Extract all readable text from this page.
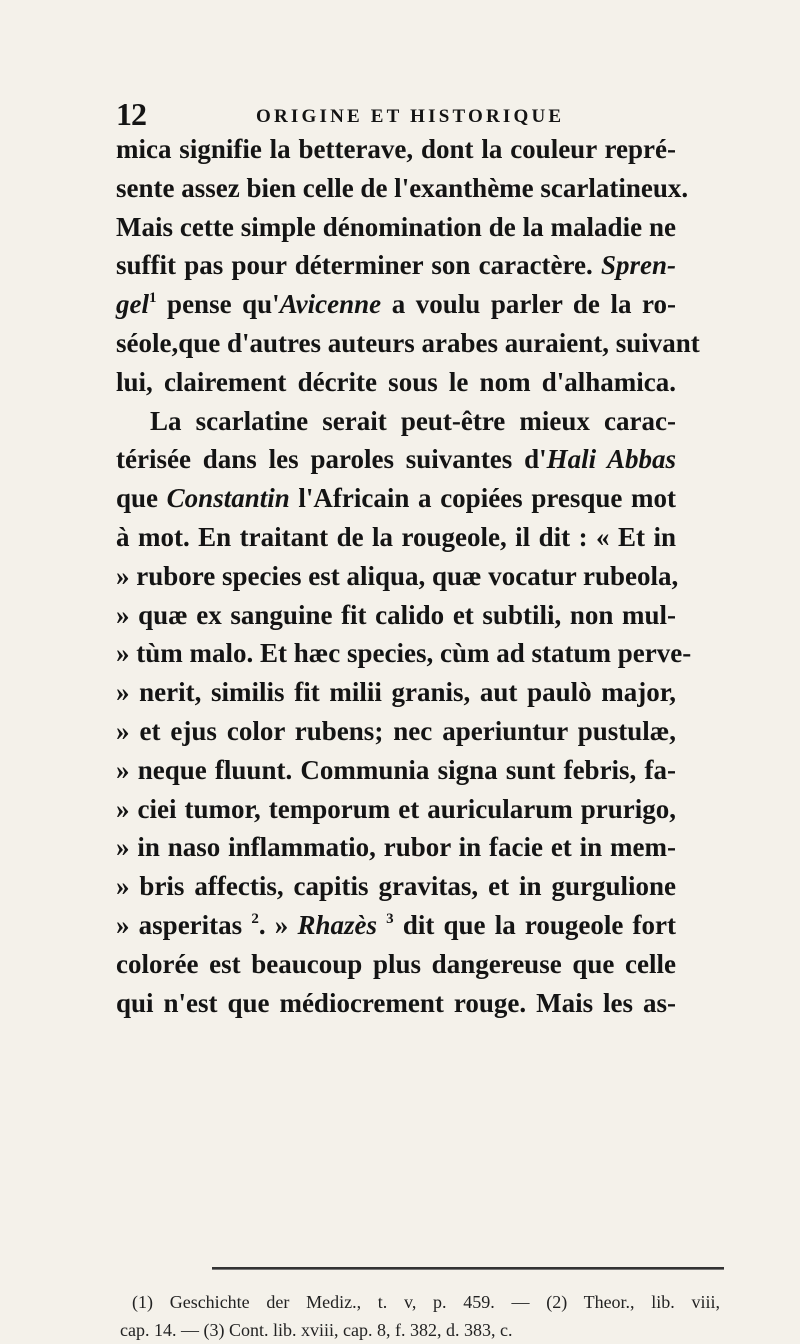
12	ORIGINE ET HISTORIQUE
mica signifie la betterave, dont la couleur repré-
sente assez bien celle de l'exanthème scarlatineux.
Mais cette simple dénomination de la maladie ne
suffit pas pour déterminer son caractère. Spren-
gel$^1$ pense qu'Avicenne a voulu parler de la ro-
séole,que d'autres auteurs arabes auraient, suivant
lui, clairement décrite sous le nom d'alhamica.
La scarlatine serait peut-être mieux carac-
térisée dans les paroles suivantes d'Hali Abbas
que Constantin l'Africain a copiées presque mot
à mot. En traitant de la rougeole, il dit : « Et in
» rubore species est aliqua, quæ vocatur rubeola,
» quæ ex sanguine fit calido et subtili, non mul-
» tùm malo. Et hæc species, cùm ad statum perve-
» nerit, similis fit milii granis, aut paulò major,
» et ejus color rubens; nec aperiuntur pustulæ,
» neque fluunt. Communia signa sunt febris, fa-
» ciei tumor, temporum et auricularum prurigo,
» in naso inflammatio, rubor in facie et in mem-
» bris affectis, capitis gravitas, et in gurgulione
» asperitas $^2$. » Rhazès $^3$ dit que la rougeole fort
colorée est beaucoup plus dangereuse que celle
qui n'est que médiocrement rouge. Mais les as-
(1) Geschichte der Mediz., t. v, p. 459. — (2) Theor., lib. viii,
cap. 14. — (3) Cont. lib. xviii, cap. 8, f. 382, d. 383, c.
